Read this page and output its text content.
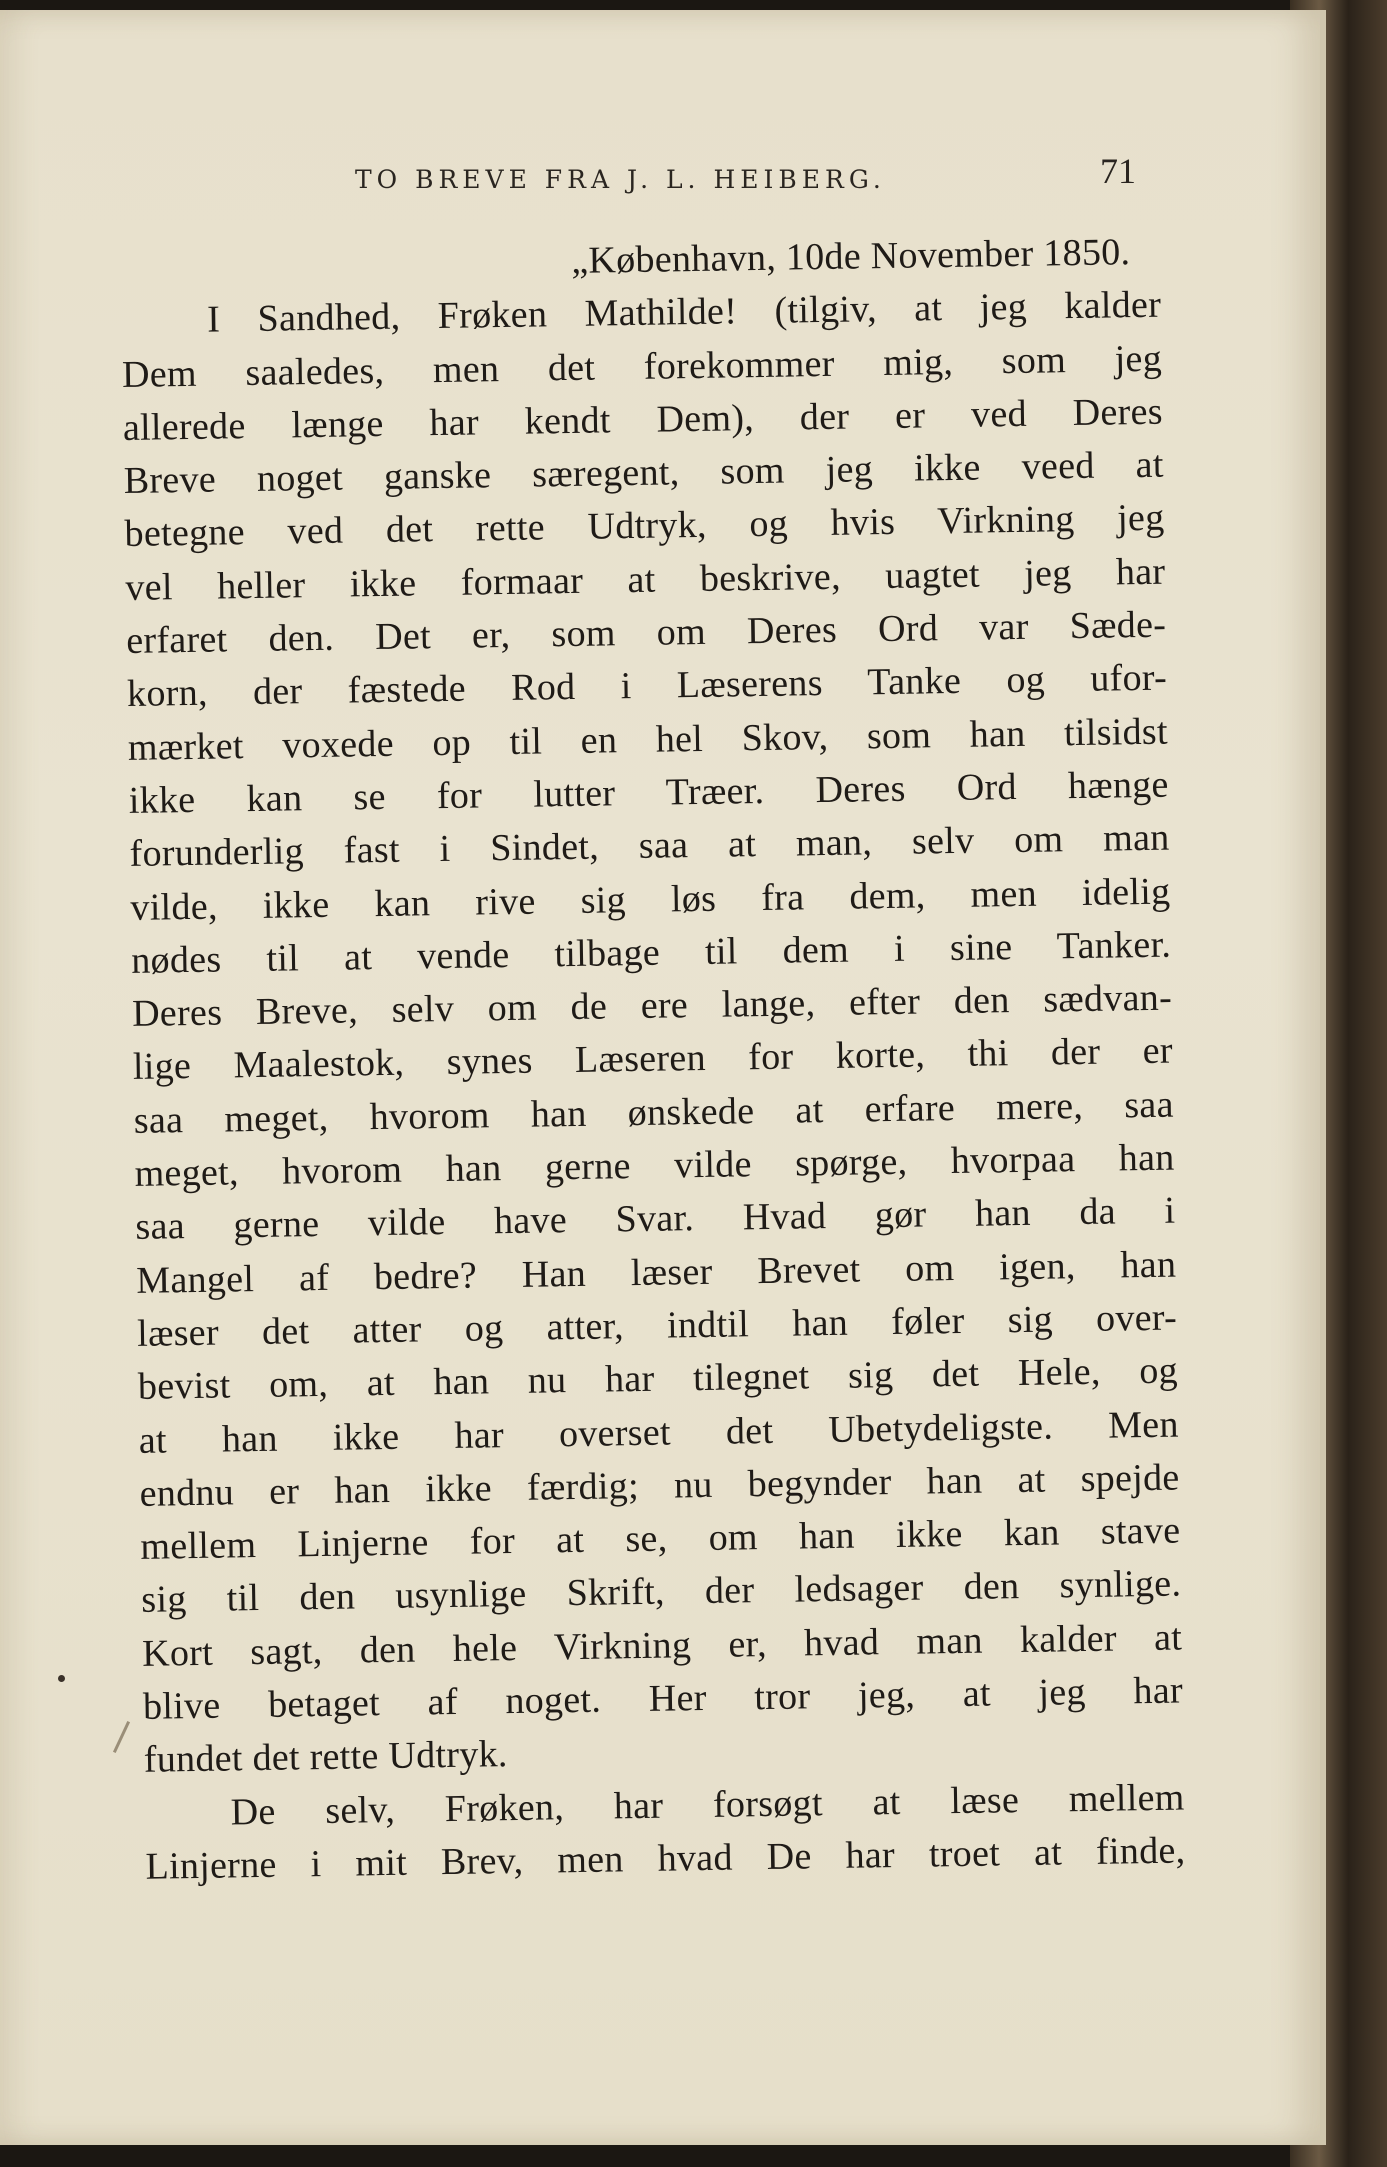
TO BREVE FRA J. L. HEIBERG.	71
„København, 10de November 1850.
I Sandhed, Frøken Mathilde! (tilgiv, at jeg kalder
Dem saaledes, men det forekommer mig, som jeg
allerede længe har kendt Dem), der er ved Deres
Breve noget ganske særegent, som jeg ikke veed at
betegne ved det rette Udtryk, og hvis Virkning jeg
vel heller ikke formaar at beskrive, uagtet jeg har
erfaret den. Det er, som om Deres Ord var Sæde-
korn, der fæstede Rod i Læserens Tanke og ufor-
mærket voxede op til en hel Skov, som han tilsidst
ikke kan se for lutter Træer. Deres Ord hænge
forunderlig fast i Sindet, saa at man, selv om man
vilde, ikke kan rive sig løs fra dem, men idelig
nødes til at vende tilbage til dem i sine Tanker.
Deres Breve, selv om de ere lange, efter den sædvan-
lige Maalestok, synes Læseren for korte, thi der er
saa meget, hvorom han ønskede at erfare mere, saa
meget, hvorom han gerne vilde spørge, hvorpaa han
saa gerne vilde have Svar. Hvad gør han da i
Mangel af bedre? Han læser Brevet om igen, han
læser det atter og atter, indtil han føler sig over-
bevist om, at han nu har tilegnet sig det Hele, og
at han ikke har overset det Ubetydeligste. Men
endnu er han ikke færdig; nu begynder han at spejde
mellem Linjerne for at se, om han ikke kan stave
sig til den usynlige Skrift, der ledsager den synlige.
Kort sagt, den hele Virkning er, hvad man kalder at
blive betaget af noget. Her tror jeg, at jeg har
fundet det rette Udtryk.
De selv, Frøken, har forsøgt at læse mellem
Linjerne i mit Brev, men hvad De har troet at finde,
